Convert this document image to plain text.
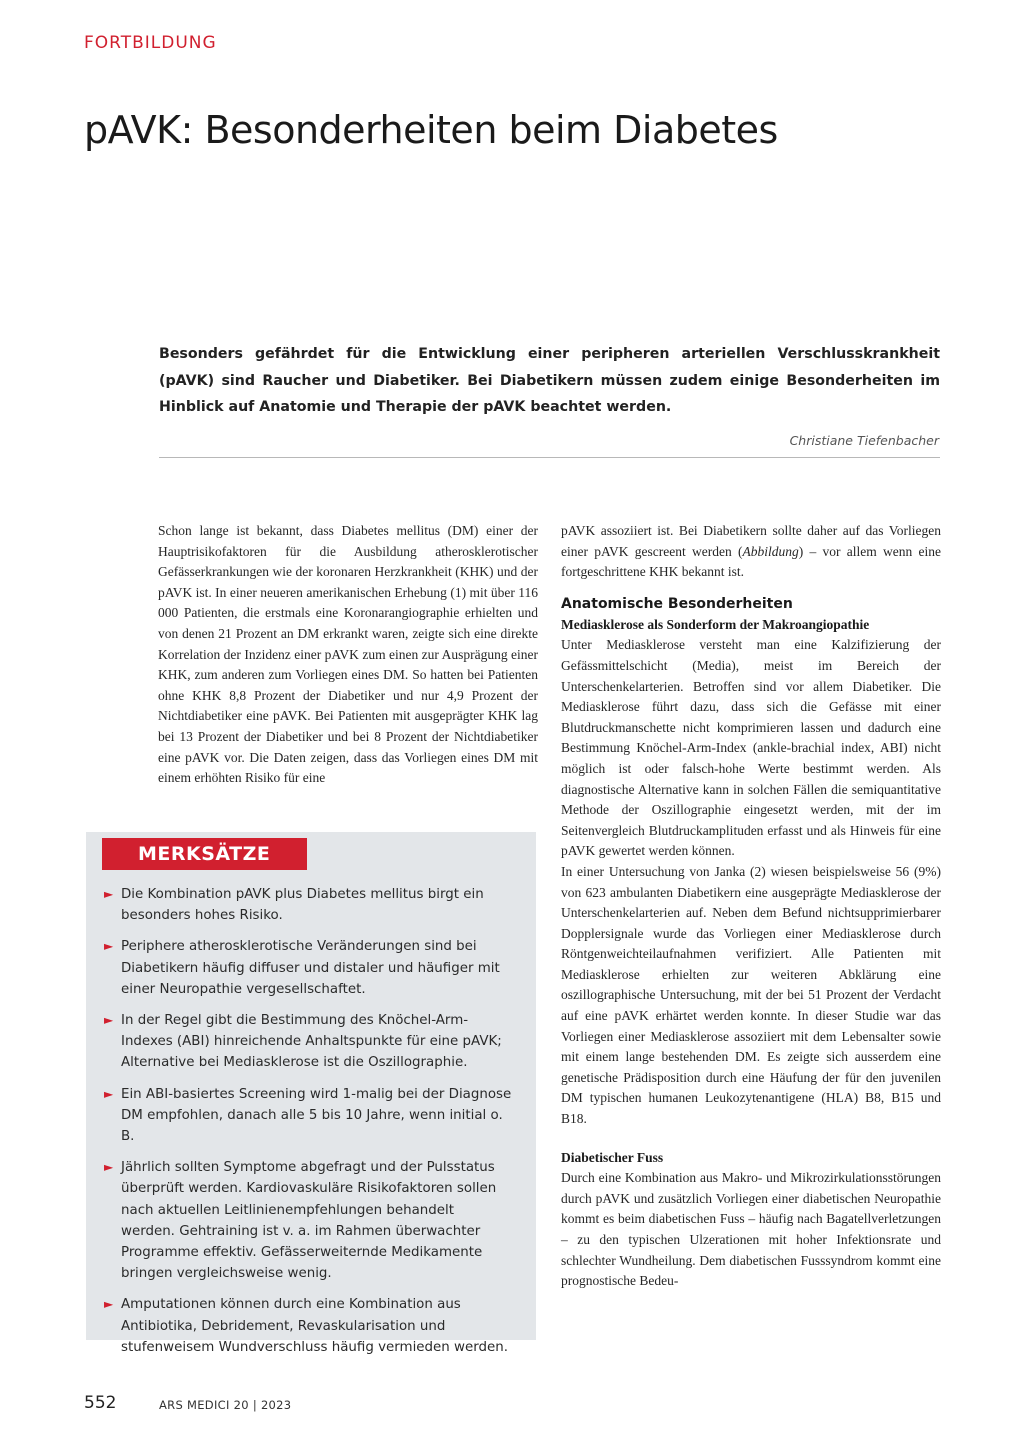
FORTBILDUNG
pAVK: Besonderheiten beim Diabetes
Besonders gefährdet für die Entwicklung einer peripheren arteriellen Verschlusskrankheit (pAVK) sind Raucher und Diabetiker. Bei Diabetikern müssen zudem einige Besonderheiten im Hinblick auf Anatomie und Therapie der pAVK beachtet werden.
Christiane Tiefenbacher

Schon lange ist bekannt, dass Diabetes mellitus (DM) einer der Hauptrisikofaktoren für die Ausbildung atherosklerotischer Gefässerkrankungen wie der koronaren Herzkrankheit (KHK) und der pAVK ist. In einer neueren amerikanischen Erhebung (1) mit über 116 000 Patienten, die erstmals eine Koronarangiographie erhielten und von denen 21 Prozent an DM erkrankt waren, zeigte sich eine direkte Korrelation der Inzidenz einer pAVK zum einen zur Ausprägung einer KHK, zum anderen zum Vorliegen eines DM. So hatten bei Patienten ohne KHK 8,8 Prozent der Diabetiker und nur 4,9 Prozent der Nichtdiabetiker eine pAVK. Bei Patienten mit ausgeprägter KHK lag bei 13 Prozent der Diabetiker und bei 8 Prozent der Nichtdiabetiker eine pAVK vor. Die Daten zeigen, dass das Vorliegen eines DM mit einem erhöhten Risiko für eine

pAVK assoziiert ist. Bei Diabetikern sollte daher auf das Vorliegen einer pAVK gescreent werden (Abbildung) – vor allem wenn eine fortgeschrittene KHK bekannt ist.

Anatomische Besonderheiten

Mediasklerose als Sonderform der Makroangiopathie

Unter Mediasklerose versteht man eine Kalzifizierung der Gefässmittelschicht (Media), meist im Bereich der Unterschenkelarterien. Betroffen sind vor allem Diabetiker. Die Mediasklerose führt dazu, dass sich die Gefässe mit einer Blutdruckmanschette nicht komprimieren lassen und dadurch eine Bestimmung Knöchel-Arm-Index (ankle-brachial index, ABI) nicht möglich ist oder falsch-hohe Werte bestimmt werden. Als diagnostische Alternative kann in solchen Fällen die semiquantitative Methode der Oszillographie eingesetzt werden, mit der im Seitenvergleich Blutdruckamplituden erfasst und als Hinweis für eine pAVK gewertet werden können.

In einer Untersuchung von Janka (2) wiesen beispielsweise 56 (9%) von 623 ambulanten Diabetikern eine ausgeprägte Mediasklerose der Unterschenkelarterien auf. Neben dem Befund nichtsupprimierbarer Dopplersignale wurde das Vorliegen einer Mediasklerose durch Röntgenweichteilaufnahmen verifiziert. Alle Patienten mit Mediasklerose erhielten zur weiteren Abklärung eine oszillographische Untersuchung, mit der bei 51 Prozent der Verdacht auf eine pAVK erhärtet werden konnte. In dieser Studie war das Vorliegen einer Mediasklerose assoziiert mit dem Lebensalter sowie mit einem lange bestehenden DM. Es zeigte sich ausserdem eine genetische Prädisposition durch eine Häufung der für den juvenilen DM typischen humanen Leukozytenantigene (HLA) B8, B15 und B18.

Diabetischer Fuss

Durch eine Kombination aus Makro- und Mikrozirkulationsstörungen durch pAVK und zusätzlich Vorliegen einer diabetischen Neuropathie kommt es beim diabetischen Fuss – häufig nach Bagatellverletzungen – zu den typischen Ulzerationen mit hoher Infektionsrate und schlechter Wundheilung. Dem diabetischen Fusssyndrom kommt eine prognostische Bedeu-

MERKSÄTZE
► Die Kombination pAVK plus Diabetes mellitus birgt ein besonders hohes Risiko.
► Periphere atherosklerotische Veränderungen sind bei Diabetikern häufig diffuser und distaler und häufiger mit einer Neuropathie vergesellschaftet.
► In der Regel gibt die Bestimmung des Knöchel-Arm-Indexes (ABI) hinreichende Anhaltspunkte für eine pAVK; Alternative bei Mediasklerose ist die Oszillographie.
► Ein ABI-basiertes Screening wird 1-malig bei der Diagnose DM empfohlen, danach alle 5 bis 10 Jahre, wenn initial o. B.
► Jährlich sollten Symptome abgefragt und der Pulsstatus überprüft werden. Kardiovaskuläre Risikofaktoren sollen nach aktuellen Leitlinienempfehlungen behandelt werden. Gehtraining ist v. a. im Rahmen überwachter Programme effektiv. Gefässerweiternde Medikamente bringen vergleichsweise wenig.
► Amputationen können durch eine Kombination aus Antibiotika, Debridement, Revaskularisation und stufenweisem Wundverschluss häufig vermieden werden.
552	ARS MEDICI 20 | 2023
